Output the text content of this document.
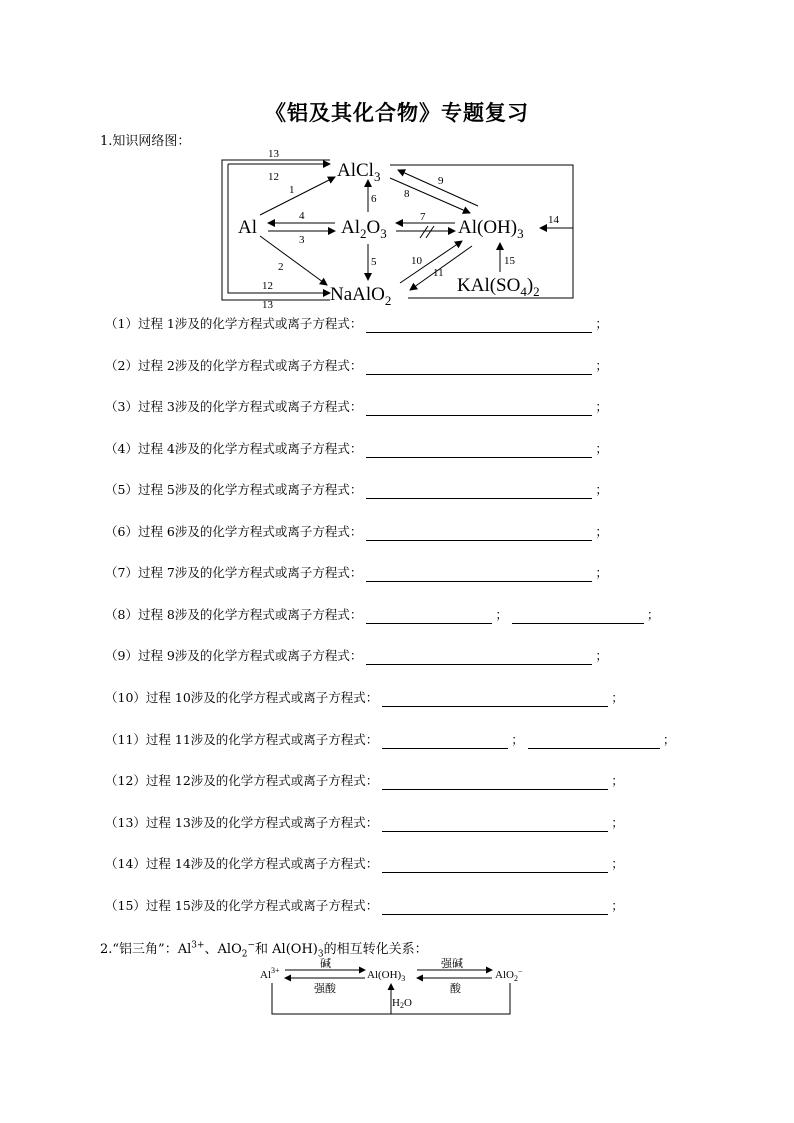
《铝及其化合物》专题复习
1.知识网络图：
AlCl$_3$
Al	$Al_2O_3$	$Al(OH)_3$
NaAlO$_2$
$KAl(SO_4)_2$
13
12
1
6	8
9
4
3
7	14
2	5	10
11
15
12
13
$Al^{3+}$	$Al(OH)_3$	AlO$_2$−
碱
强酸
强碱
酸
H2O
（1）过程 1涉及的化学方程式或离子方程式：	；
（2）过程 2涉及的化学方程式或离子方程式：	；
（3）过程 3涉及的化学方程式或离子方程式：	；
（4）过程 4涉及的化学方程式或离子方程式：	；
（5）过程 5涉及的化学方程式或离子方程式：	；
（6）过程 6涉及的化学方程式或离子方程式：	；
（7）过程 7涉及的化学方程式或离子方程式：	；
（8）过程 8涉及的化学方程式或离子方程式：	；	；
（9）过程 9涉及的化学方程式或离子方程式：	；
（10）过程 10涉及的化学方程式或离子方程式：	；
（11）过程 11涉及的化学方程式或离子方程式：	；	；
（12）过程 12涉及的化学方程式或离子方程式：	；
（13）过程 13涉及的化学方程式或离子方程式：	；
（14）过程 14涉及的化学方程式或离子方程式：	；
（15）过程 15涉及的化学方程式或离子方程式：	；
2.“铝三角”：$Al^{3+}$、AlO$_2$−和 $Al(OH)_3$的相互转化关系：
